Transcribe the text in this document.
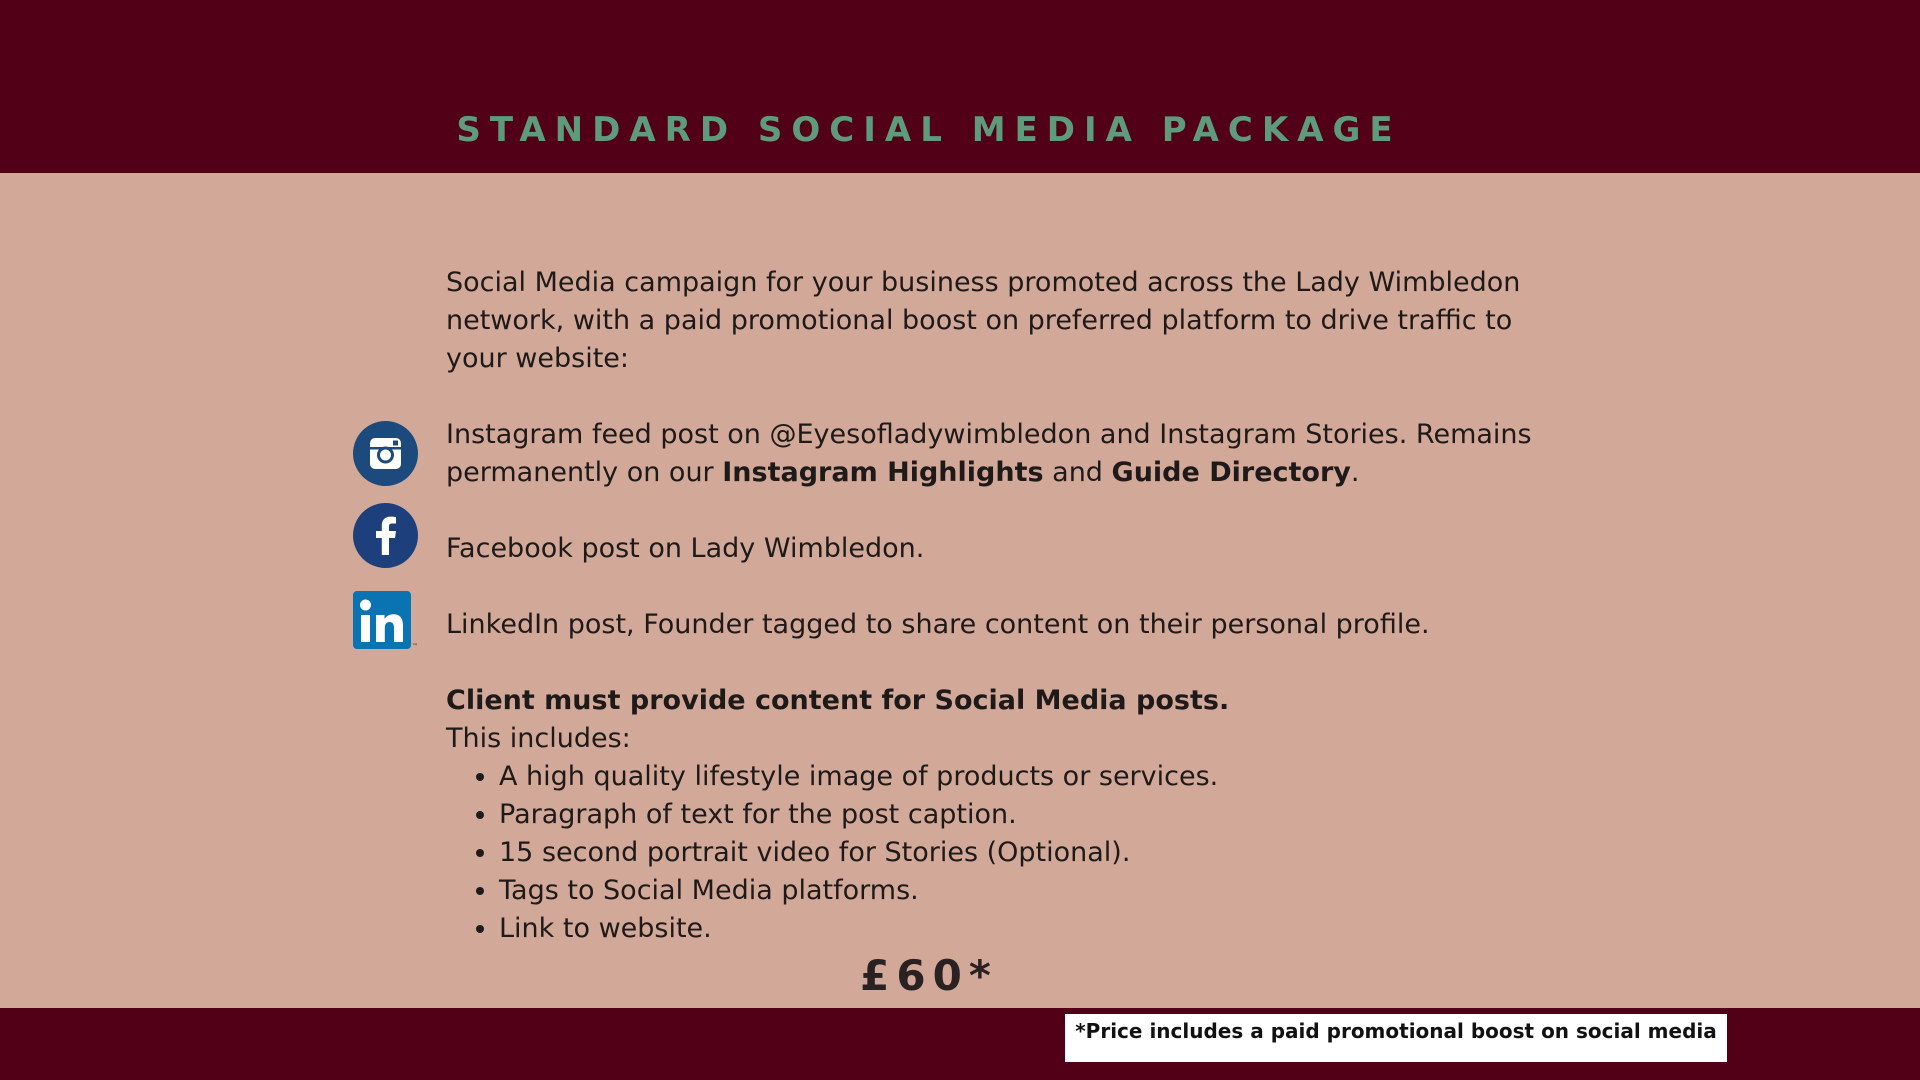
STANDARD SOCIAL MEDIA PACKAGE
Social Media campaign for your business promoted across the Lady Wimbledon network, with a paid promotional boost on preferred platform to drive traffic to your website:
Instagram feed post on @Eyesofladywimbledon and Instagram Stories. Remains permanently on our Instagram Highlights and Guide Directory.
Facebook post on Lady Wimbledon.
™
LinkedIn post, Founder tagged to share content on their personal profile.
Client must provide content for Social Media posts.
This includes:
• A high quality lifestyle image of products or services.
• Paragraph of text for the post caption.
• 15 second portrait video for Stories (Optional).
• Tags to Social Media platforms.
• Link to website.
£60*
*Price includes a paid promotional boost on social media
